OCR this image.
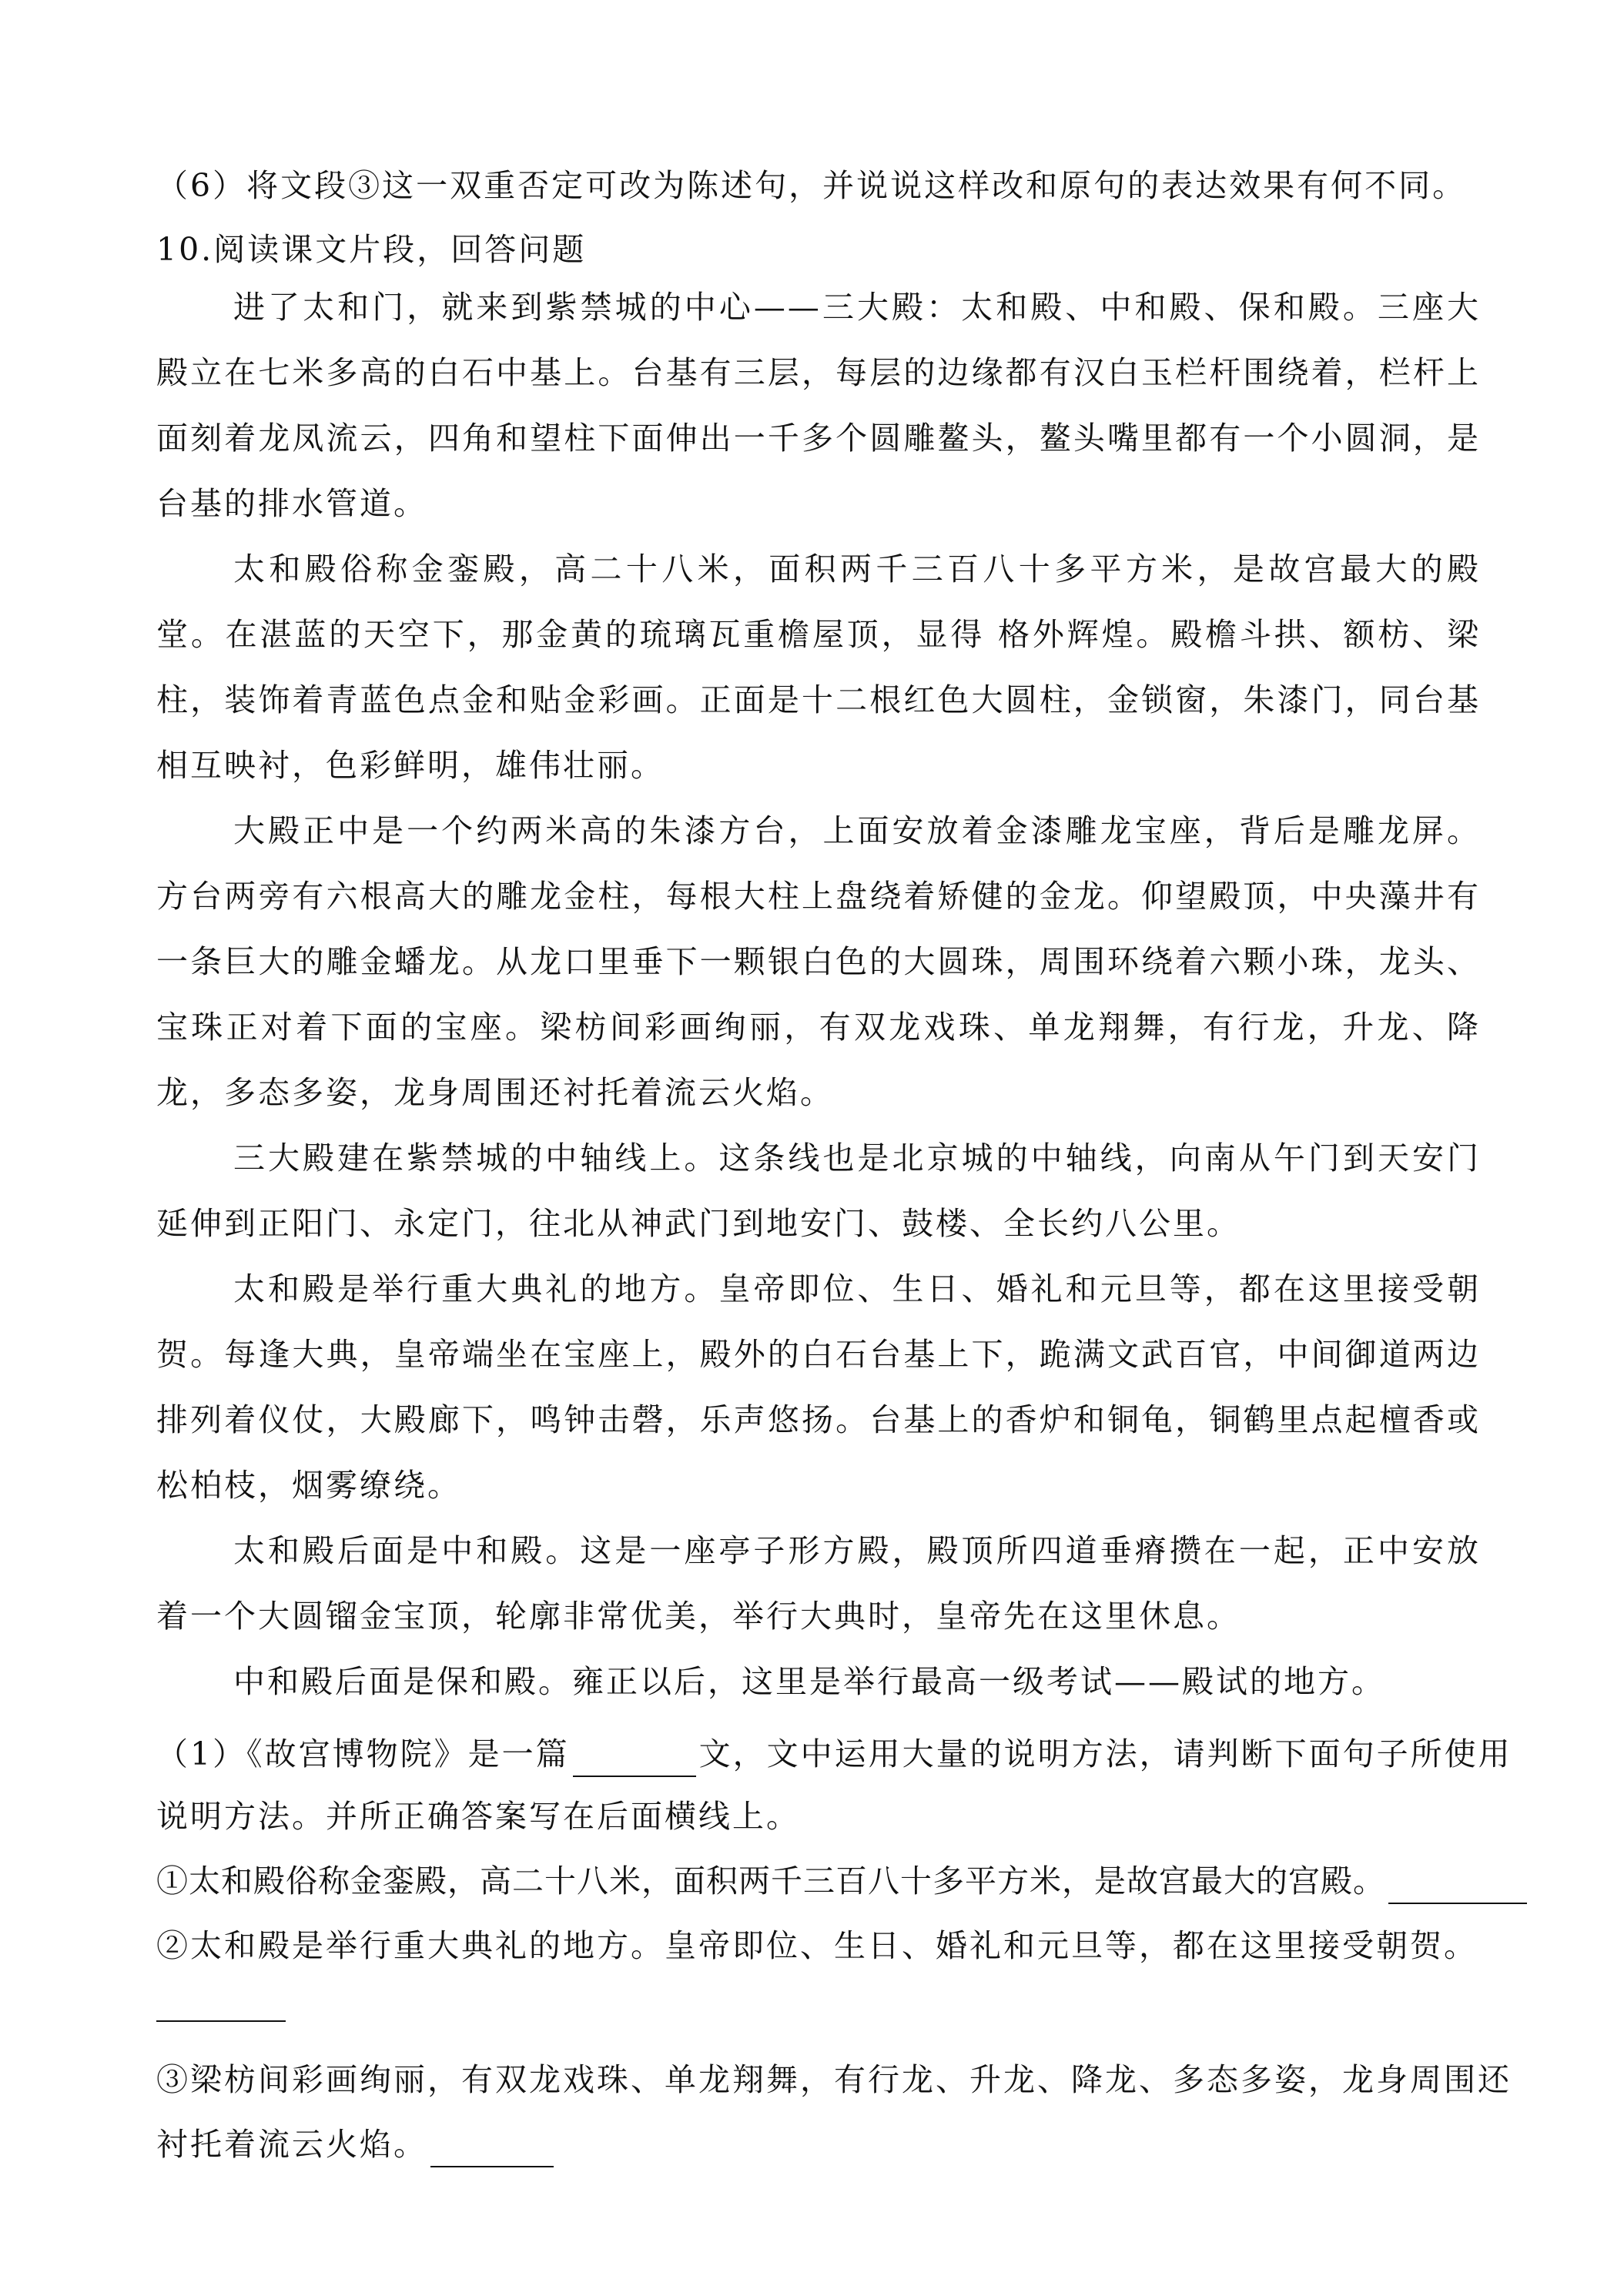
（6）将文段③这一双重否定可改为陈述句，并说说这样改和原句的表达效果有何不同。
10.阅读课文片段，回答问题
进了太和门，就来到紫禁城的中心——三大殿：太和殿、中和殿、保和殿。三座大殿立在七米多高的白石中基上。台基有三层，每层的边缘都有汉白玉栏杆围绕着，栏杆上面刻着龙凤流云，四角和望柱下面伸出一千多个圆雕鳌头，鳌头嘴里都有一个小圆洞，是台基的排水管道。
太和殿俗称金銮殿，高二十八米，面积两千三百八十多平方米，是故宫最大的殿堂。在湛蓝的天空下，那金黄的琉璃瓦重檐屋顶，显得 格外辉煌。殿檐斗拱、额枋、梁柱，装饰着青蓝色点金和贴金彩画。正面是十二根红色大圆柱，金锁窗，朱漆门，同台基相互映衬，色彩鲜明，雄伟壮丽。
大殿正中是一个约两米高的朱漆方台，上面安放着金漆雕龙宝座，背后是雕龙屏。方台两旁有六根高大的雕龙金柱，每根大柱上盘绕着矫健的金龙。仰望殿顶，中央藻井有一条巨大的雕金蟠龙。从龙口里垂下一颗银白色的大圆珠，周围环绕着六颗小珠，龙头、宝珠正对着下面的宝座。梁枋间彩画绚丽，有双龙戏珠、单龙翔舞，有行龙，升龙、降龙，多态多姿，龙身周围还衬托着流云火焰。
三大殿建在紫禁城的中轴线上。这条线也是北京城的中轴线，向南从午门到天安门延伸到正阳门、永定门，往北从神武门到地安门、鼓楼、全长约八公里。
太和殿是举行重大典礼的地方。皇帝即位、生日、婚礼和元旦等，都在这里接受朝贺。每逢大典，皇帝端坐在宝座上，殿外的白石台基上下，跪满文武百官，中间御道两边排列着仪仗，大殿廊下，鸣钟击磬，乐声悠扬。台基上的香炉和铜龟，铜鹤里点起檀香或松柏枝，烟雾缭绕。
太和殿后面是中和殿。这是一座亭子形方殿，殿顶所四道垂瘠攒在一起，正中安放着一个大圆镏金宝顶，轮廓非常优美，举行大典时，皇帝先在这里休息。
中和殿后面是保和殿。雍正以后，这里是举行最高一级考试——殿试的地方。
（1）《故宫博物院》是一篇	文，文中运用大量的说明方法，请判断下面句子所使用
说明方法。并所正确答案写在后面横线上。
①太和殿俗称金銮殿，高二十八米，面积两千三百八十多平方米，是故宫最大的宫殿。
②太和殿是举行重大典礼的地方。皇帝即位、生日、婚礼和元旦等，都在这里接受朝贺。
③梁枋间彩画绚丽，有双龙戏珠、单龙翔舞，有行龙、升龙、降龙、多态多姿，龙身周围还
衬托着流云火焰。
